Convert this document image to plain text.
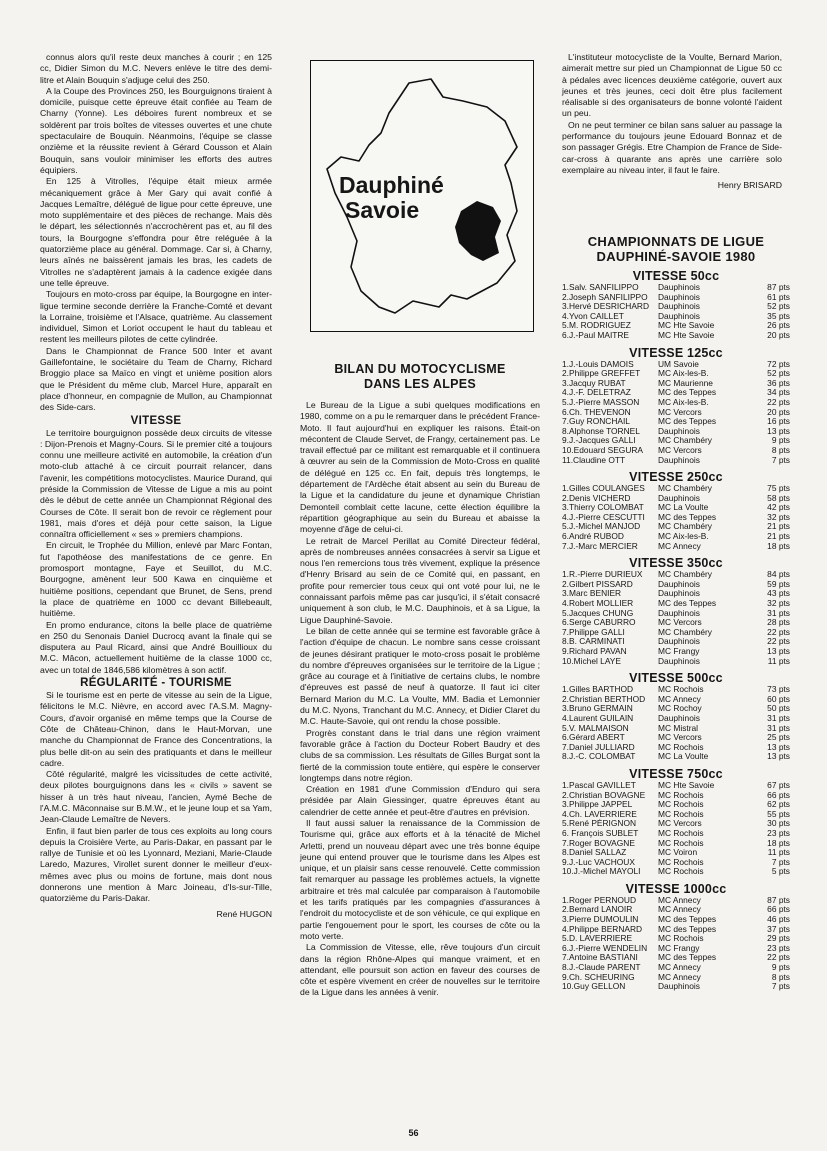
connus alors qu'il reste deux manches à courir ; en 125 cc, Didier Simon du M.C. Nevers enlève le titre des demi-litre et Alain Bouquin s'adjuge celui des 250.

A la Coupe des Provinces 250, les Bourguignons tiraient à domicile, puisque cette épreuve était confiée au Team de Charny (Yonne). Les déboires furent nombreux et se soldèrent par trois boîtes de vitesses ouvertes et une chute spectaculaire de Bouquin. Néanmoins, l'équipe se classe onzième et la réussite revient à Gérard Cousson et Alain Bouquin, sans vouloir minimiser les efforts des autres équipiers.

En 125 à Vitrolles, l'équipe était mieux armée mécaniquement grâce à Mer Gary qui avait confié à Jacques Lemaître, délégué de ligue pour cette épreuve, une moto supplémentaire et des pièces de rechange. Mais dès le départ, les sélectionnés n'accrochèrent pas et, au fil des tours, la Bourgogne s'effondra pour être reléguée à la quatorzième place au général. Dommage. Car si, à Charny, leurs aînés ne baissèrent jamais les bras, les cadets de Vitrolles ne s'adaptèrent jamais à la cadence exigée dans une telle épreuve.

Toujours en moto-cross par équipe, la Bourgogne en inter-ligue termine seconde derrière la Franche-Comté et devant la Lorraine, troisième et l'Alsace, quatrième. Au classement individuel, Simon et Loriot occupent le haut du tableau et restent les meilleurs pilotes de cette cylindrée.

Dans le Championnat de France 500 Inter et avant Gaillefontaine, le sociétaire du Team de Charny, Richard Broggio place sa Maïco en vingt et unième position alors que le Président du même club, Marcel Hure, apparaît en place d'honneur, en compagnie de Mullon, au Championnat des Side-cars.

VITESSE

Le territoire bourguignon possède deux circuits de vitesse : Dijon-Prenois et Magny-Cours. Si le premier cité a toujours connu une meilleure activité en automobile, la création d'un moto-club attaché à ce circuit pourrait relancer, dans l'avenir, les compétitions motocyclistes. Maurice Durand, qui préside la Commission de Vitesse de Ligue a mis au point dès le début de cette année un Championnat Régional des Courses de Côte. Il serait bon de revoir ce règlement pour 1981, mais d'ores et déjà pour cette saison, la Ligue connaîtra officiellement « ses » premiers champions.

En circuit, le Trophée du Million, enlevé par Marc Fontan, fut l'apothéose des manifestations de ce genre. En promosport montagne, Faye et Seuillot, du M.C. Bourgogne, amènent leur 500 Kawa en cinquième et huitième positions, cependant que Brunet, de Sens, prend la place de quatrième en 1000 cc devant Billebeault, huitième.

En promo endurance, citons la belle place de quatrième en 250 du Senonais Daniel Ducrocq avant la finale qui se disputera au Paul Ricard, ainsi que André Bouillioux du M.C. Mâcon, actuellement huitième de la classe 1000 cc, avec un total de 1846,586 kilomètres à son actif.

RÉGULARITÉ - TOURISME

Si le tourisme est en perte de vitesse au sein de la Ligue, félicitons le M.C. Nièvre, en accord avec l'A.S.M. Magny-Cours, d'avoir organisé en même temps que la Course de Côte de Château-Chinon, dans le Haut-Morvan, une manche du Championnat de France des Concentrations, la plus belle dit-on au sein des pratiquants et dans le meilleur cadre.

Côté régularité, malgré les vicissitudes de cette activité, deux pilotes bourguignons dans les « civils » savent se hisser à un très haut niveau, l'ancien, Aymé Beche de l'A.M.C. Mâconnaise sur B.M.W., et le jeune loup et sa Yam, Jean-Claude Lemaître de Nevers.

Enfin, il faut bien parler de tous ces exploits au long cours depuis la Croisière Verte, au Paris-Dakar, en passant par le rallye de Tunisie et où les Lyonnard, Meziani, Marie-Claude Laredo, Mazures, Virollet surent donner le meilleur d'eux-mêmes avec plus ou moins de fortune, mais dont nous donnerons une mention à Marc Joineau, d'Is-sur-Tille, quatorzième du Paris-Dakar.

René HUGON

Dauphiné
Savoie

BILAN DU MOTOCYCLISME
DANS LES ALPES

Le Bureau de la Ligue a subi quelques modifications en 1980, comme on a pu le remarquer dans le précédent France-Moto. Il faut aujourd'hui en expliquer les raisons. Était-on mécontent de Claude Servet, de Frangy, certainement pas. Le travail effectué par ce militant est remarquable et il continuera à œuvrer au sein de la Commission de Moto-Cross en qualité de délégué en 125 cc. En fait, depuis très longtemps, le département de l'Ardèche était absent au sein du Bureau de la Ligue et la candidature du jeune et dynamique Christian Demonteil comblait cette lacune, cette élection équilibre la répartition géographique au sein du Bureau et abaisse la moyenne d'âge de celui-ci.

Le retrait de Marcel Perillat au Comité Directeur fédéral, après de nombreuses années consacrées à servir sa Ligue et nous l'en remercions tous très vivement, explique la présence d'Henry Brisard au sein de ce Comité qui, en passant, en profite pour remercier tous ceux qui ont voté pour lui, ne le connaissant parfois même pas car jusqu'ici, il s'était consacré uniquement à son club, le M.C. Dauphinois, et à sa Ligue, la Ligue Dauphiné-Savoie.

Le bilan de cette année qui se termine est favorable grâce à l'action d'équipe de chacun. Le nombre sans cesse croissant de jeunes désirant pratiquer le moto-cross posait le problème du nombre d'épreuves organisées sur le territoire de la Ligue ; grâce au courage et à l'initiative de certains clubs, le nombre d'épreuves est passé de neuf à quatorze. Il faut ici citer Bernard Marion du M.C. La Voulte, MM. Badia et Lemonnier du M.C. Nyons, Tranchant du M.C. Annecy, et Didier Claret du M.C. Haute-Savoie, qui ont rendu la chose possible.

Progrès constant dans le trial dans une région vraiment favorable grâce à l'action du Docteur Robert Baudry et des clubs de sa commission. Les résultats de Gilles Burgat sont la fierté de la commission toute entière, qui espère le conserver longtemps dans notre région.

Création en 1981 d'une Commission d'Enduro qui sera présidée par Alain Giessinger, quatre épreuves étant au calendrier de cette année et peut-être d'autres en prévision.

Il faut aussi saluer la renaissance de la Commission de Tourisme qui, grâce aux efforts et à la ténacité de Michel Arletti, prend un nouveau départ avec une très bonne équipe jeune qui entend prouver que le tourisme dans les Alpes est unique, et un plaisir sans cesse renouvelé. Cette commission fait remarquer au passage les problèmes actuels, la vignette arbitraire et très mal calculée par comparaison à l'automobile et les tarifs pratiqués par les compagnies d'assurances à l'endroit du motocycliste et de son véhicule, ce qui explique en partie l'engouement pour le sport, les courses de côte ou la moto verte.

La Commission de Vitesse, elle, rêve toujours d'un circuit dans la région Rhône-Alpes qui manque vraiment, et en attendant, elle poursuit son action en faveur des courses de côte et espère vivement en créer de nouvelles sur le territoire de la Ligue dans les années à venir.

L'instituteur motocycliste de la Voulte, Bernard Marion, aimerait mettre sur pied un Championnat de Ligue 50 cc à pédales avec licences deuxième catégorie, ouvert aux jeunes et très jeunes, ceci doit être plus facilement réalisable si des organisateurs de bonne volonté l'aident un peu.

On ne peut terminer ce bilan sans saluer au passage la performance du toujours jeune Edouard Bonnaz et de son passager Grégis. Etre Champion de France de Side-car-cross à quarante ans après une carrière solo exemplaire au niveau inter, il faut le faire.

Henry BRISARD

CHAMPIONNATS DE LIGUE
DAUPHINÉ-SAVOIE 1980
VITESSE 50cc
1.Salv. SANFILIPPO	Dauphinois	87 pts
2.Joseph SANFILIPPO	Dauphinois	61 pts
3.Hervé DESRICHARD	Dauphinois	52 pts
4.Yvon CAILLET	Dauphinois	35 pts
5.M. RODRIGUEZ	MC Hte Savoie	26 pts
6.J.-Paul MAITRE	MC Hte Savoie	20 pts
VITESSE 125cc
1.J.-Louis DAMOIS	UM Savoie	72 pts
2.Philippe GREFFET	MC Aix-les-B.	52 pts
3.Jacquy RUBAT	MC Maurienne	36 pts
4.J.-F. DELETRAZ	MC des Teppes	34 pts
5.J.-Pierre MASSON	MC Aix-les-B.	22 pts
6.Ch. THEVENON	MC Vercors	20 pts
7.Guy RONCHAIL	MC des Teppes	16 pts
8.Alphonse TORNEL	Dauphinois	13 pts
9.J.-Jacques GALLI	MC Chambéry	9 pts
10.Edouard SEGURA	MC Vercors	8 pts
11.Claudine OTT	Dauphinois	7 pts
VITESSE 250cc
1.Gilles COULANGES	MC Chambéry	75 pts
2.Denis VICHERD	Dauphinois	58 pts
3.Thierry COLOMBAT	MC La Voulte	42 pts
4.J.-Pierre CESCUTTI	MC des Teppes	32 pts
5.J.-Michel MANJOD	MC Chambéry	21 pts
6.André RUBOD	MC Aix-les-B.	21 pts
7.J.-Marc MERCIER	MC Annecy	18 pts
VITESSE 350cc
1.R.-Pierre DURIEUX	MC Chambéry	84 pts
2.Gilbert PISSARD	Dauphinois	59 pts
3.Marc BENIER	Dauphinois	43 pts
4.Robert MOLLIER	MC des Teppes	32 pts
5.Jacques CHUNG	Dauphinois	31 pts
6.Serge CABURRO	MC Vercors	28 pts
7.Philippe GALLI	MC Chambéry	22 pts
8.B. CARMINATI	Dauphinois	22 pts
9.Richard PAVAN	MC Frangy	13 pts
10.Michel LAYE	Dauphinois	11 pts
VITESSE 500cc
1.Gilles BARTHOD	MC Rochois	73 pts
2.Christian BERTHOD	MC Annecy	60 pts
3.Bruno GERMAIN	MC Rochoy	50 pts
4.Laurent GUILAIN	Dauphinois	31 pts
5.V. MALMAISON	MC Mistral	31 pts
6.Gérard ABERT	MC Vercors	25 pts
7.Daniel JULLIARD	MC Rochois	13 pts
8.J.-C. COLOMBAT	MC La Voulte	13 pts
VITESSE 750cc
1.Pascal GAVILLET	MC Hte Savoie	67 pts
2.Christian BOVAGNE	MC Rochois	66 pts
3.Philippe JAPPEL	MC Rochois	62 pts
4.Ch. LAVERRIERE	MC Rochois	55 pts
5.René PÉRIGNON	MC Vercors	30 pts
6. François SUBLET	MC Rochois	23 pts
7.Roger BOVAGNE	MC Rochois	18 pts
8.Daniel SALLAZ	MC Voiron	11 pts
9.J.-Luc VACHOUX	MC Rochois	7 pts
10.J.-Michel MAYOLI	MC Rochois	5 pts
VITESSE 1000cc
1.Roger PERNOUD	MC Annecy	87 pts
2.Bernard LANOIR	MC Annecy	66 pts
3.Pierre DUMOULIN	MC des Teppes	46 pts
4.Philippe BERNARD	MC des Teppes	37 pts
5.D. LAVERRIERE	MC Rochois	29 pts
6.J.-Pierre WENDELIN	MC Frangy	23 pts
7.Antoine BASTIANI	MC des Teppes	22 pts
8.J.-Claude PARENT	MC Annecy	9 pts
9.Ch. SCHEURING	MC Annecy	8 pts
10.Guy GELLON	Dauphinois	7 pts
56
